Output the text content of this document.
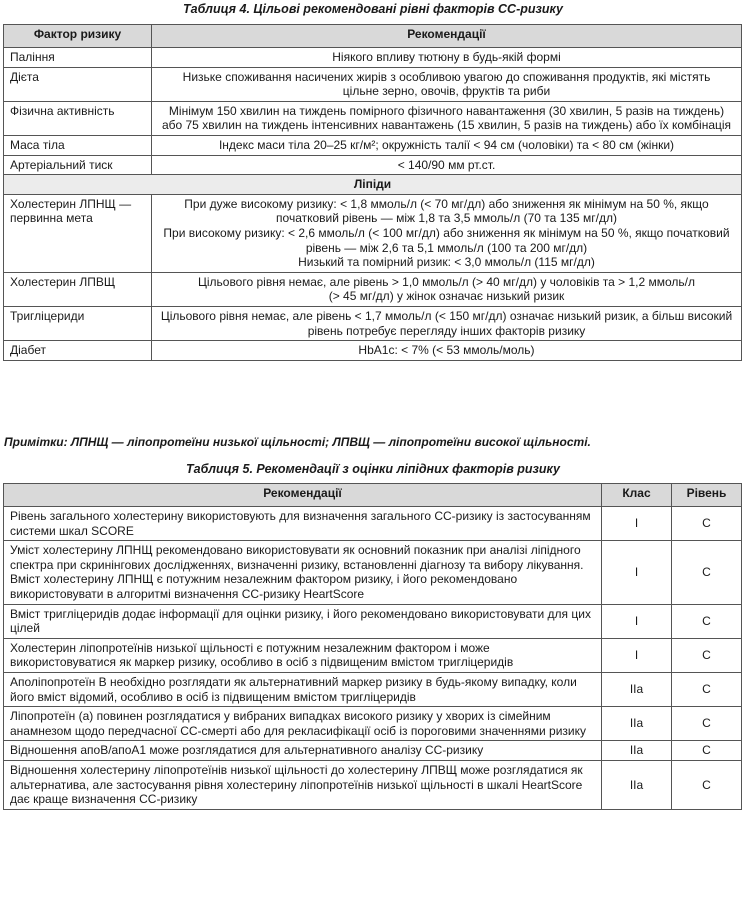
Таблиця 4. Цільові рекомендовані рівні факторів СС-ризику
Фактор ризику	Рекомендації
Паління	Ніякого впливу тютюну в будь-якій формі
Дієта	Низьке споживання насичених жирів з особливою увагою до споживання продуктів, які містять цільне зерно, овочів, фруктів та риби
Фізична активність	Мінімум 150 хвилин на тиждень помірного фізичного навантаження (30 хвилин, 5 разів на тиждень) або 75 хвилин на тиждень інтенсивних навантажень (15 хвилин, 5 разів на тиждень) або їх комбінація
Маса тіла	Індекс маси тіла 20–25 кг/м²; окружність талії < 94 см (чоловіки) та < 80 см (жінки)
Артеріальний тиск	< 140/90 мм рт.ст.
Ліпіди	
Холестерин ЛПНЩ — первинна мета	При дуже високому ризику: < 1,8 ммоль/л (< 70 мг/дл) або зниження як мінімум на 50 %, якщо початковий рівень — між 1,8 та 3,5 ммоль/л (70 та 135 мг/дл)
При високому ризику: < 2,6 ммоль/л (< 100 мг/дл) або зниження як мінімум на 50 %, якщо початковий рівень — між 2,6 та 5,1 ммоль/л (100 та 200 мг/дл)
Низький та помірний ризик: < 3,0 ммоль/л (115 мг/дл)

Холестерин ЛПВЩ	Цільового рівня немає, але рівень > 1,0 ммоль/л (> 40 мг/дл) у чоловіків та > 1,2 ммоль/л (> 45 мг/дл) у жінок означає низький ризик
Тригліцериди	Цільового рівня немає, але рівень < 1,7 ммоль/л (< 150 мг/дл) означає низький ризик, а більш високий рівень потребує перегляду інших факторів ризику
Діабет	HbA1c: < 7% (< 53 ммоль/моль)
Примітки: ЛПНЩ — ліпопротеїни низької щільності; ЛПВЩ — ліпопротеїни високої щільності.
Таблиця 5. Рекомендації з оцінки ліпідних факторів ризику
Рекомендації	Клас	Рівень
Рівень загального холестерину використовують для визначення загального СС-ризику із застосуванням системи шкал SCORE	I	C
Уміст холестерину ЛПНЩ рекомендовано використовувати як основний показник при аналізі ліпідного спектра при скринінгових дослідженнях, визначенні ризику, встановленні діагнозу та вибору лікування. Вміст холестерину ЛПНЩ є потужним незалежним фактором ризику, і його рекомендовано використовувати в алгоритмі визначення СС-ризику HeartScore	I	C
Вміст тригліцеридів додає інформації для оцінки ризику, і його рекомендовано використовувати для цих цілей	I	C
Холестерин ліпопротеїнів низької щільності є потужним незалежним фактором і може використовуватися як маркер ризику, особливо в осіб з підвищеним вмістом тригліцеридів	I	C
Аполіпопротеїн В необхідно розглядати як альтернативний маркер ризику в будь-якому випадку, коли його вміст відомий, особливо в осіб із підвищеним вмістом тригліцеридів	IIa	C
Ліпопротеїн (а) повинен розглядатися у вибраних випадках високого ризику у хворих із сімейним анамнезом щодо передчасної СС-смерті або для рекласифікації осіб із пороговими значеннями ризику	IIa	C
Відношення апоВ/апоА1 може розглядатися для альтернативного аналізу СС-ризику	IIa	C
Відношення холестерину ліпопротеїнів низької щільності до холестерину ЛПВЩ може розглядатися як альтернатива, але застосування рівня холестерину ліпопротеїнів низької щільності в шкалі HeartScore дає краще визначення СС-ризику	IIa	C
